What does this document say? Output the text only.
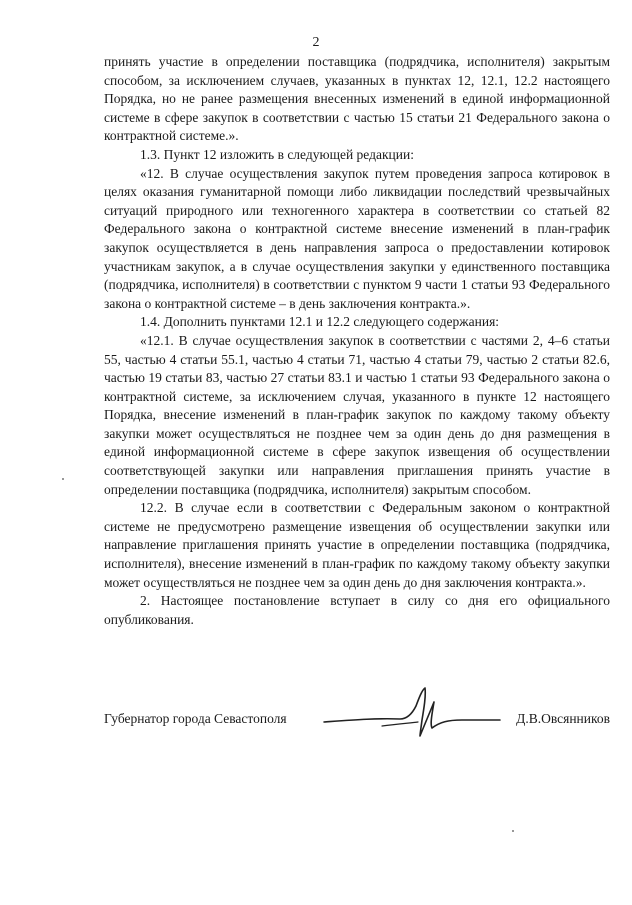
2

принять участие в определении поставщика (подрядчика, исполнителя) закрытым способом, за исключением случаев, указанных в пунктах 12, 12.1, 12.2 настоящего Порядка, но не ранее размещения внесенных изменений в единой информационной системе в сфере закупок в соответствии с частью 15 статьи 21 Федерального закона о контрактной системе.».

1.3. Пункт 12 изложить в следующей редакции:

«12. В случае осуществления закупок путем проведения запроса котировок в целях оказания гуманитарной помощи либо ликвидации последствий чрезвычайных ситуаций природного или техногенного характера в соответствии со статьей 82 Федерального закона о контрактной системе внесение изменений в план-график закупок осуществляется в день направления запроса о предоставлении котировок участникам закупок, а в случае осуществления закупки у единственного поставщика (подрядчика, исполнителя) в соответствии с пунктом 9 части 1 статьи 93 Федерального закона о контрактной системе – в день заключения контракта.».

1.4. Дополнить пунктами 12.1 и 12.2 следующего содержания:

«12.1. В случае осуществления закупок в соответствии с частями 2, 4–6 статьи 55, частью 4 статьи 55.1, частью 4 статьи 71, частью 4 статьи 79, частью 2 статьи 82.6, частью 19 статьи 83, частью 27 статьи 83.1 и частью 1 статьи 93 Федерального закона о контрактной системе, за исключением случая, указанного в пункте 12 настоящего Порядка, внесение изменений в план-график закупок по каждому такому объекту закупки может осуществляться не позднее чем за один день до дня размещения в единой информационной системе в сфере закупок извещения об осуществлении соответствующей закупки или направления приглашения принять участие в определении поставщика (подрядчика, исполнителя) закрытым способом.

12.2. В случае если в соответствии с Федеральным законом о контрактной системе не предусмотрено размещение извещения об осуществлении закупки или направление приглашения принять участие в определении поставщика (подрядчика, исполнителя), внесение изменений в план-график по каждому такому объекту закупки может осуществляться не позднее чем за один день до дня заключения контракта.».

2. Настоящее постановление вступает в силу со дня его официального опубликования.

Губернатор города Севастополя	Д.В.Овсянников
